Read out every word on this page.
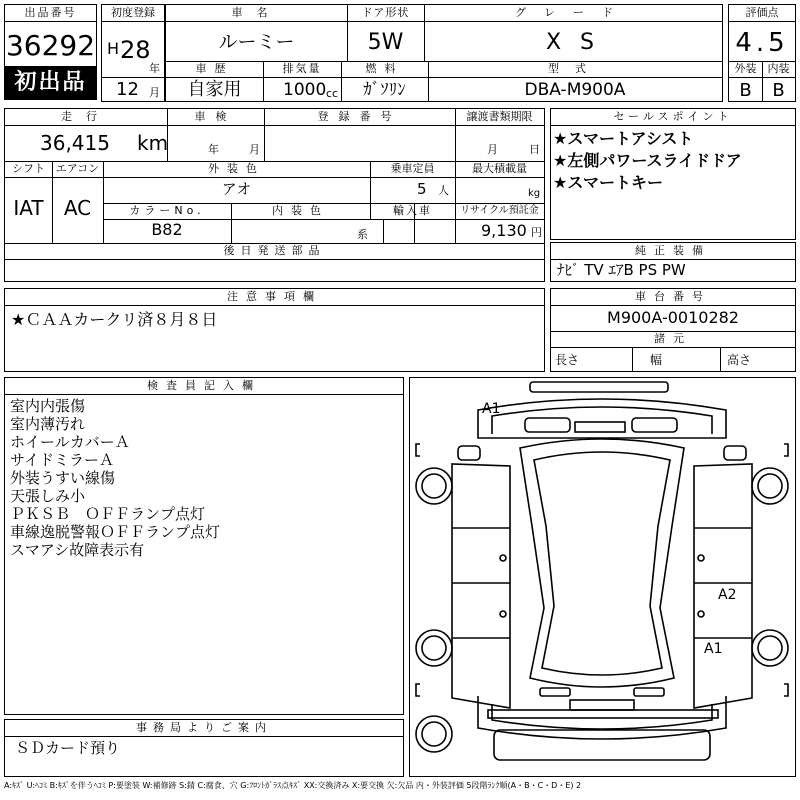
出品番号
36292
初出品
初度登録
H 28
年
12 月
車名
ルーミー
ドア形状
5W
グレード
X S
車歴
自家用
排気量
1000 cc
燃料
ｶﾞｿﾘﾝ
型式
DBA-M900A
評価点
4.5
外装	内装
B	B
走行
36,415 km
車検
年	月
登録番号	譲渡書類期限
月	日
シフト エアコン
IAT	AC
外装色
アオ
乗車定員
5 人
最大積載量
kg
カラーNo.
B82
内装色
系
輸入車	リサイクル預託金
9,130 円
後日発送部品
セールスポイント
★スマートアシスト
★左側パワースライドドア
★スマートキー
純正装備
ﾅﾋﾞ TV ｴｱB PS PW
注意事項欄
★ＣＡＡカークリ済８月８日
車台番号
M900A-0010282
諸元
長さ	幅	高さ
検査員記入欄
室内内張傷
室内薄汚れ
ホイールカバーＡ
サイドミラーＡ
外装うすい線傷
天張しみ小
ＰＫＳＢ　ＯＦＦランプ点灯
車線逸脱警報ＯＦＦランプ点灯
スマアシ故障表示有
事務局よりご案内
ＳＤカード預り
A1
A2
A1
A:ｷｽﾞ U:ﾍｺﾐ B:ｷｽﾞを伴うﾍｺﾐ P:要塗装 W:補修跡 S:錆 C:腐食、穴 G:ﾌﾛﾝﾄｶﾞﾗｽ点ｷｽﾞ XX:交換済み X:要交換 欠:欠品 内・外装評価 5段階ﾗﾝｸ順(A・B・C・D・E) 2
